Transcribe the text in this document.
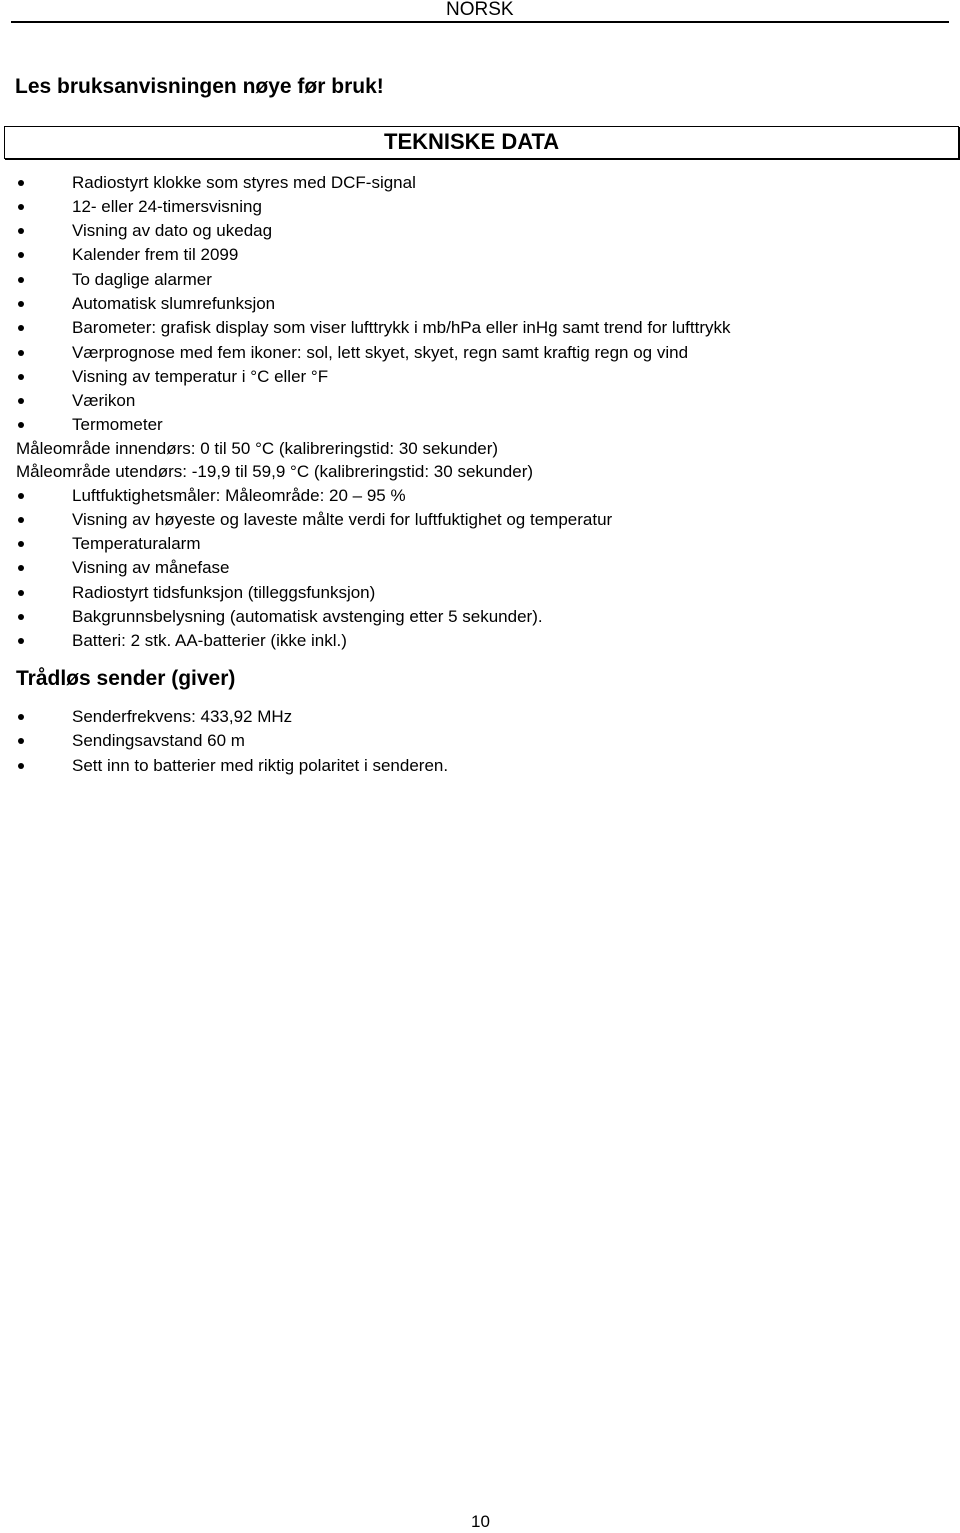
NORSK
Les bruksanvisningen nøye før bruk!
TEKNISKE DATA
Radiostyrt klokke som styres med DCF-signal
12- eller 24-timersvisning
Visning av dato og ukedag
Kalender frem til 2099
To daglige alarmer
Automatisk slumrefunksjon
Barometer: grafisk display som viser lufttrykk i mb/hPa eller inHg samt trend for lufttrykk
Værprognose med fem ikoner: sol, lett skyet, skyet, regn samt kraftig regn og vind
Visning av temperatur i °C eller °F
Værikon
Termometer
Måleområde innendørs: 0 til 50 °C (kalibreringstid: 30 sekunder)
Måleområde utendørs: -19,9 til 59,9 °C (kalibreringstid: 30 sekunder)
Luftfuktighetsmåler: Måleområde: 20 – 95 %
Visning av høyeste og laveste målte verdi for luftfuktighet og temperatur
Temperaturalarm
Visning av månefase
Radiostyrt tidsfunksjon (tilleggsfunksjon)
Bakgrunnsbelysning (automatisk avstenging etter 5 sekunder).
Batteri: 2 stk. AA-batterier (ikke inkl.)
Trådløs sender (giver)
Senderfrekvens: 433,92 MHz
Sendingsavstand 60 m
Sett inn to batterier med riktig polaritet i senderen.
10
